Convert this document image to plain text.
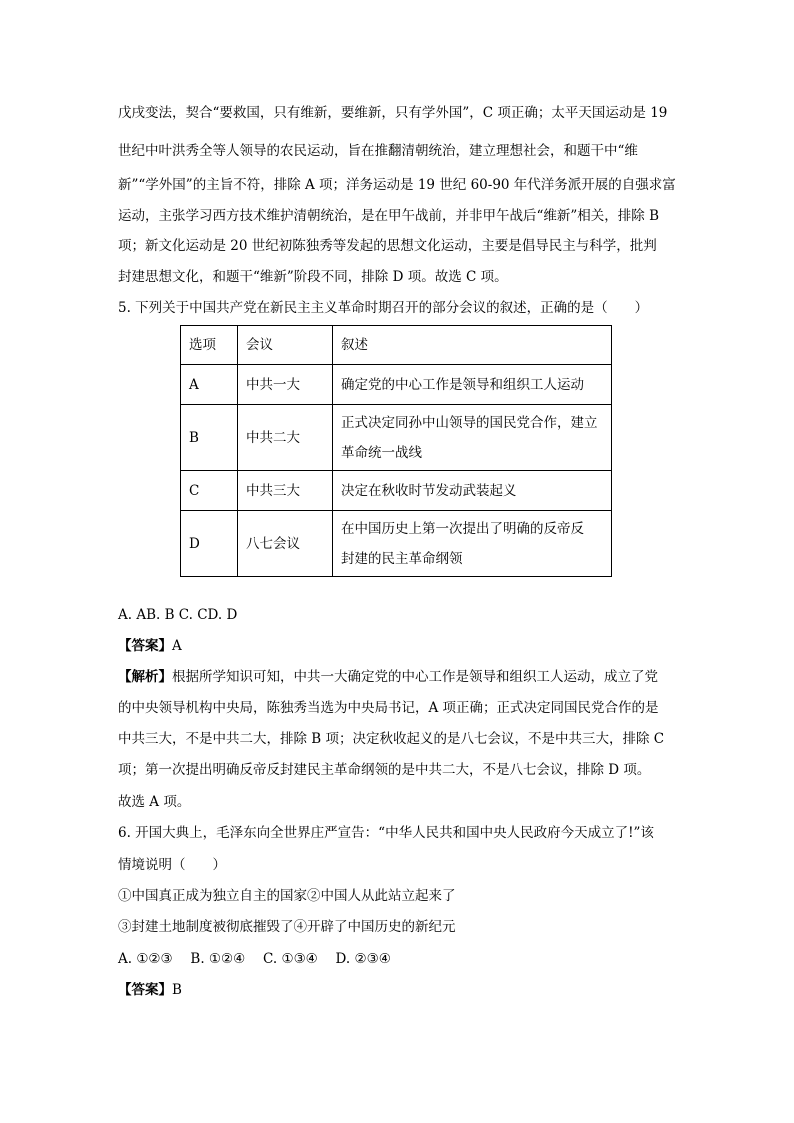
戊戌变法，契合“要救国，只有维新，要维新，只有学外国”，C 项正确；太平天国运动是 19
世纪中叶洪秀全等人领导的农民运动，旨在推翻清朝统治，建立理想社会，和题干中“维
新”“学外国”的主旨不符，排除 A 项；洋务运动是 19 世纪 60-90 年代洋务派开展的自强求富
运动，主张学习西方技术维护清朝统治，是在甲午战前，并非甲午战后“维新”相关，排除 B
项；新文化运动是 20 世纪初陈独秀等发起的思想文化运动，主要是倡导民主与科学，批判
封建思想文化，和题干“维新”阶段不同，排除 D 项。故选 C 项。
5. 下列关于中国共产党在新民主主义革命时期召开的部分会议的叙述，正确的是（　　）
选项	会议	叙述
A	中共一大	确定党的中心工作是领导和组织工人运动

B	中共二大	正式决定同孙中山领导的国民党合作，建立
革命统一战线

C	中共三大	决定在秋收时节发动武装起义

D	八七会议	在中国历史上第一次提出了明确的反帝反
封建的民主革命纲领
A. AB. B C. CD. D
【答案】A
【解析】根据所学知识可知，中共一大确定党的中心工作是领导和组织工人运动，成立了党
的中央领导机构中央局，陈独秀当选为中央局书记，A 项正确；正式决定同国民党合作的是
中共三大，不是中共二大，排除 B 项；决定秋收起义的是八七会议，不是中共三大，排除 C
项；第一次提出明确反帝反封建民主革命纲领的是中共二大，不是八七会议，排除 D 项。
故选 A 项。
6. 开国大典上，毛泽东向全世界庄严宣告：“中华人民共和国中央人民政府今天成立了!”该
情境说明（　　）
①中国真正成为独立自主的国家②中国人从此站立起来了
③封建土地制度被彻底摧毁了④开辟了中国历史的新纪元
A. ①②③　 B. ①②④　 C. ①③④　 D. ②③④
【答案】B
